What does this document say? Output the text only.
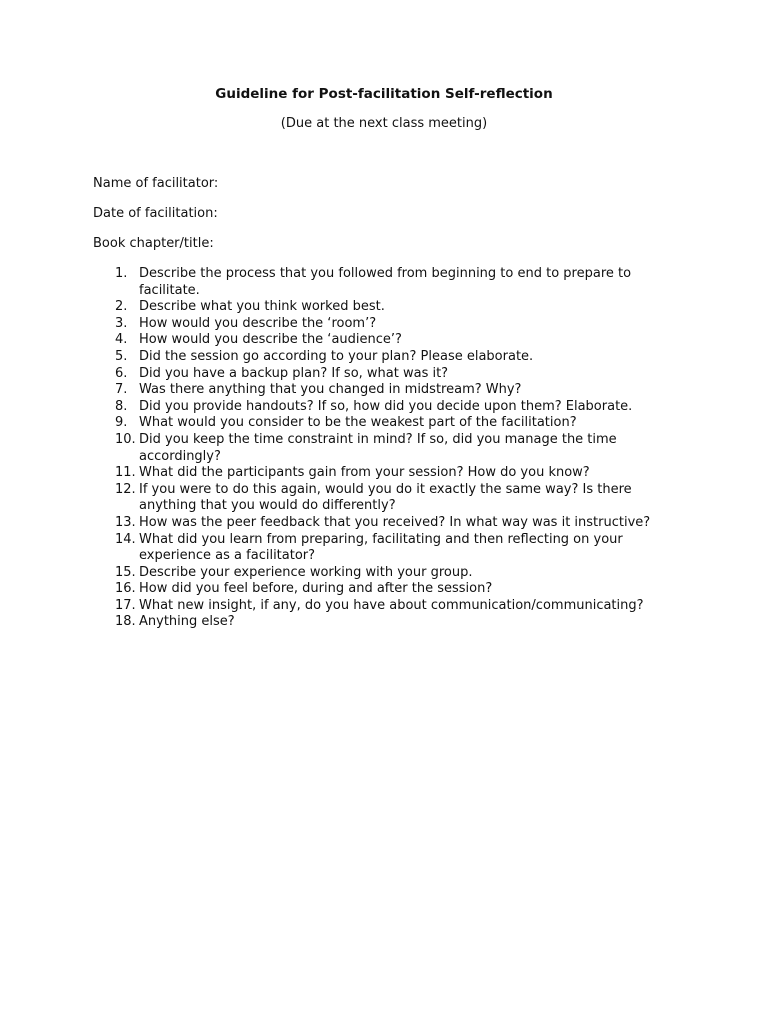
Guideline for Post-facilitation Self-reflection
(Due at the next class meeting)
Name of facilitator:
Date of facilitation:
Book chapter/title:
1. Describe the process that you followed from beginning to end to prepare to facilitate.
2. Describe what you think worked best.
3. How would you describe the ‘room’?
4. How would you describe the ‘audience’?
5. Did the session go according to your plan? Please elaborate.
6. Did you have a backup plan? If so, what was it?
7. Was there anything that you changed in midstream? Why?
8. Did you provide handouts? If so, how did you decide upon them? Elaborate.
9. What would you consider to be the weakest part of the facilitation?
10. Did you keep the time constraint in mind? If so, did you manage the time accordingly?
11. What did the participants gain from your session? How do you know?
12. If you were to do this again, would you do it exactly the same way? Is there anything that you would do differently?
13. How was the peer feedback that you received? In what way was it instructive?
14. What did you learn from preparing, facilitating and then reflecting on your experience as a facilitator?
15. Describe your experience working with your group.
16. How did you feel before, during and after the session?
17. What new insight, if any, do you have about communication/communicating?
18. Anything else?
